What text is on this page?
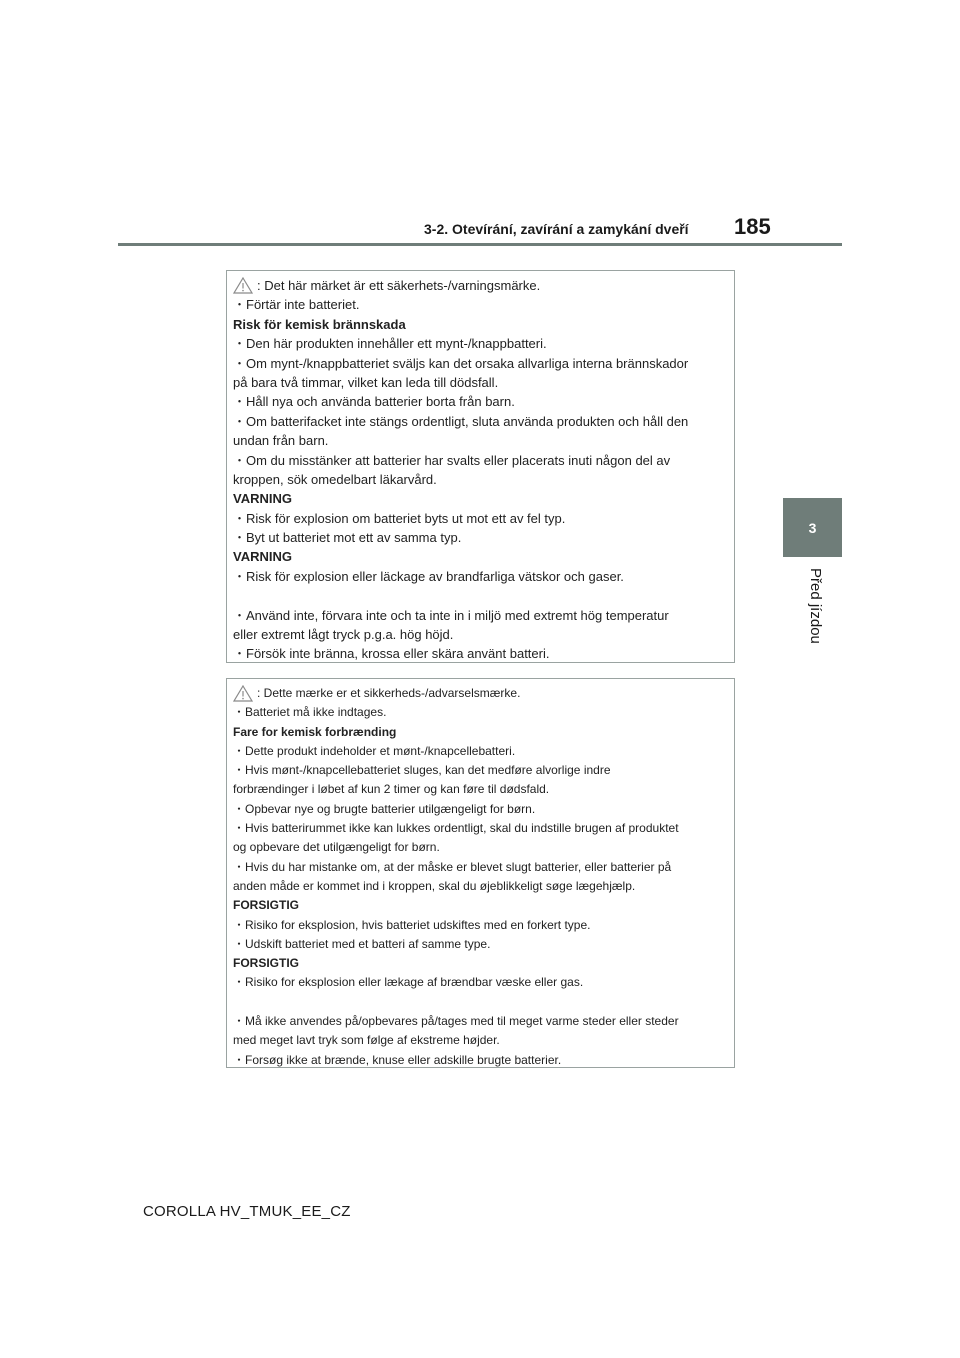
3-2. Otevírání, zavírání a zamykání dveří 185
3
Před jízdou
: Det här märket är ett säkerhets-/varningsmärke.
・Förtär inte batteriet.
Risk för kemisk brännskada
・Den här produkten innehåller ett mynt-/knappbatteri.
・Om mynt-/knappbatteriet sväljs kan det orsaka allvarliga interna brännskador
på bara två timmar, vilket kan leda till dödsfall.
・Håll nya och använda batterier borta från barn.
・Om batterifacket inte stängs ordentligt, sluta använda produkten och håll den
undan från barn.
・Om du misstänker att batterier har svalts eller placerats inuti någon del av
kroppen, sök omedelbart läkarvård.
VARNING
・Risk för explosion om batteriet byts ut mot ett av fel typ.
・Byt ut batteriet mot ett av samma typ.
VARNING
・Risk för explosion eller läckage av brandfarliga vätskor och gaser.
・Använd inte, förvara inte och ta inte in i miljö med extremt hög temperatur
eller extremt lågt tryck p.g.a. hög höjd.
・Försök inte bränna, krossa eller skära använt batteri.
: Dette mærke er et sikkerheds-/advarselsmærke.
・Batteriet må ikke indtages.
Fare for kemisk forbrænding
・Dette produkt indeholder et mønt-/knapcellebatteri.
・Hvis mønt-/knapcellebatteriet sluges, kan det medføre alvorlige indre
forbrændinger i løbet af kun 2 timer og kan føre til dødsfald.
・Opbevar nye og brugte batterier utilgængeligt for børn.
・Hvis batterirummet ikke kan lukkes ordentligt, skal du indstille brugen af produktet
og opbevare det utilgængeligt for børn.
・Hvis du har mistanke om, at der måske er blevet slugt batterier, eller batterier på
anden måde er kommet ind i kroppen, skal du øjeblikkeligt søge lægehjælp.
FORSIGTIG
・Risiko for eksplosion, hvis batteriet udskiftes med en forkert type.
・Udskift batteriet med et batteri af samme type.
FORSIGTIG
・Risiko for eksplosion eller lækage af brændbar væske eller gas.
・Må ikke anvendes på/opbevares på/tages med til meget varme steder eller steder
med meget lavt tryk som følge af ekstreme højder.
・Forsøg ikke at brænde, knuse eller adskille brugte batterier.
COROLLA HV_TMUK_EE_CZ
